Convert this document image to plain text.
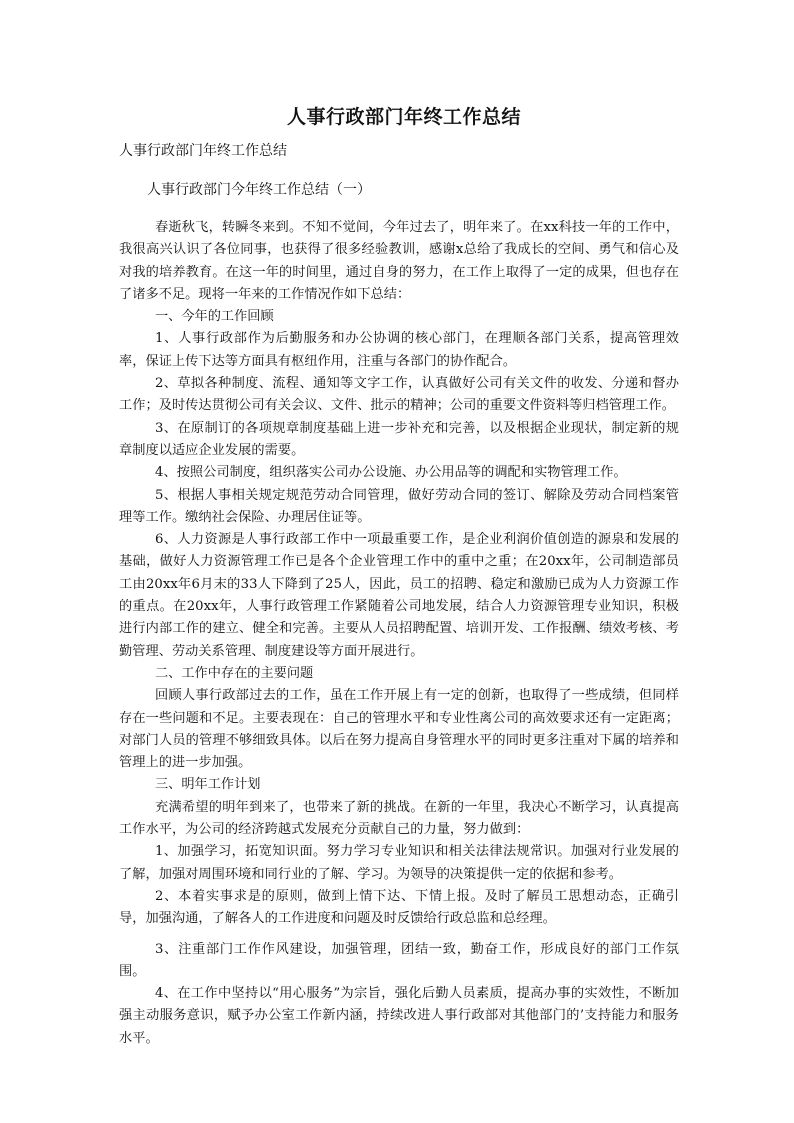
人事行政部门年终工作总结
人事行政部门年终工作总结
人事行政部门今年终工作总结（一）
春逝秋飞，转瞬冬来到。不知不觉间，今年过去了，明年来了。在xx科技一年的工作中，我很高兴认识了各位同事，也获得了很多经验教训，感谢x总给了我成长的空间、勇气和信心及对我的培养教育。在这一年的时间里，通过自身的努力，在工作上取得了一定的成果，但也存在了诸多不足。现将一年来的工作情况作如下总结：
一、今年的工作回顾
1、人事行政部作为后勤服务和办公协调的核心部门，在理顺各部门关系，提高管理效率，保证上传下达等方面具有枢纽作用，注重与各部门的协作配合。
2、草拟各种制度、流程、通知等文字工作，认真做好公司有关文件的收发、分递和督办工作；及时传达贯彻公司有关会议、文件、批示的精神；公司的重要文件资料等归档管理工作。
3、在原制订的各项规章制度基础上进一步补充和完善，以及根据企业现状，制定新的规章制度以适应企业发展的需要。
4、按照公司制度，组织落实公司办公设施、办公用品等的调配和实物管理工作。
5、根据人事相关规定规范劳动合同管理，做好劳动合同的签订、解除及劳动合同档案管理等工作。缴纳社会保险、办理居住证等。
6、人力资源是人事行政部工作中一项最重要工作，是企业利润价值创造的源泉和发展的基础，做好人力资源管理工作已是各个企业管理工作中的重中之重；在20xx年，公司制造部员工由20xx年6月末的33人下降到了25人，因此，员工的招聘、稳定和激励已成为人力资源工作的重点。在20xx年，人事行政管理工作紧随着公司地发展，结合人力资源管理专业知识，积极进行内部工作的建立、健全和完善。主要从人员招聘配置、培训开发、工作报酬、绩效考核、考勤管理、劳动关系管理、制度建设等方面开展进行。
二、工作中存在的主要问题
回顾人事行政部过去的工作，虽在工作开展上有一定的创新，也取得了一些成绩，但同样存在一些问题和不足。主要表现在：自己的管理水平和专业性离公司的高效要求还有一定距离；对部门人员的管理不够细致具体。以后在努力提高自身管理水平的同时更多注重对下属的培养和管理上的进一步加强。
三、明年工作计划
充满希望的明年到来了，也带来了新的挑战。在新的一年里，我决心不断学习，认真提高工作水平，为公司的经济跨越式发展充分贡献自己的力量，努力做到：
1、加强学习，拓宽知识面。努力学习专业知识和相关法律法规常识。加强对行业发展的了解，加强对周围环境和同行业的了解、学习。为领导的决策提供一定的依据和参考。
2、本着实事求是的原则，做到上情下达、下情上报。及时了解员工思想动态，正确引导，加强沟通，了解各人的工作进度和问题及时反馈给行政总监和总经理。
3、注重部门工作作风建设，加强管理，团结一致，勤奋工作，形成良好的部门工作氛围。
4、在工作中坚持以“用心服务”为宗旨，强化后勤人员素质，提高办事的实效性，不断加强主动服务意识，赋予办公室工作新内涵，持续改进人事行政部对其他部门的’支持能力和服务水平。
